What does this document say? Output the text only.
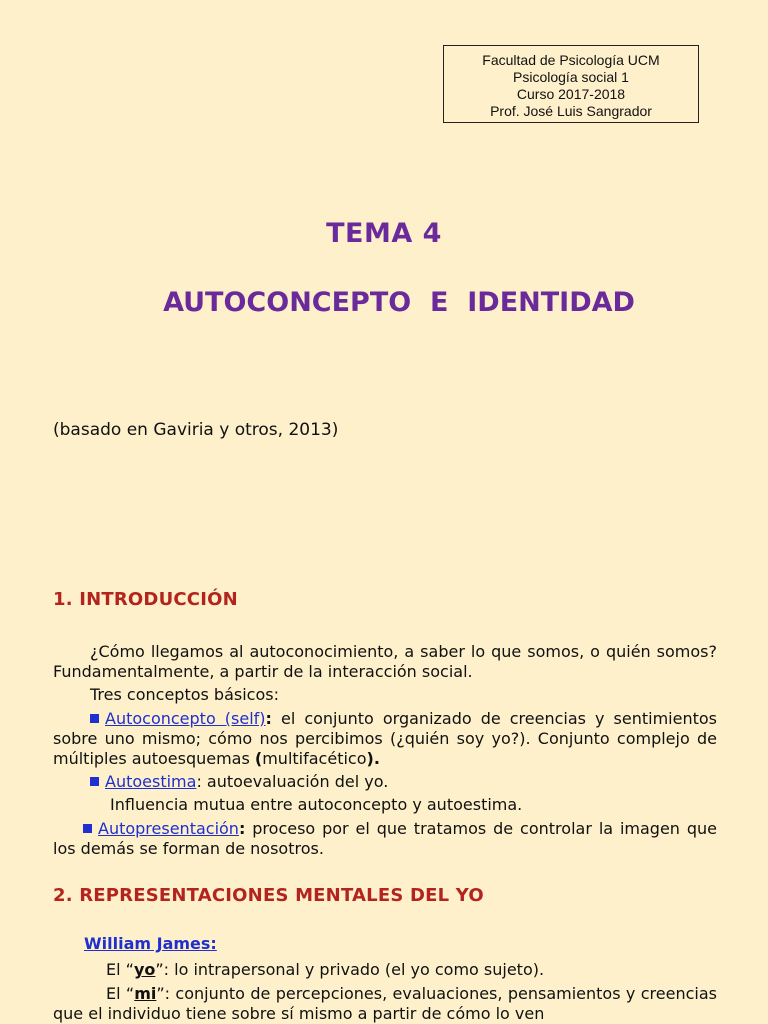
Facultad de Psicología UCM
Psicología social 1
Curso 2017-2018
Prof. José Luis Sangrador
TEMA 4
AUTOCONCEPTO  E  IDENTIDAD
(basado en Gaviria y otros, 2013)
1. INTRODUCCIÓN
¿Cómo llegamos al autoconocimiento, a saber lo que somos, o quién somos? Fundamentalmente, a partir de la interacción social.
Tres conceptos básicos:
Autoconcepto (self): el conjunto organizado de creencias y sentimientos sobre uno mismo; cómo nos percibimos (¿quién soy yo?). Conjunto complejo de múltiples autoesquemas (multifacético).
Autoestima: autoevaluación del yo.
Influencia mutua entre autoconcepto y autoestima.
Autopresentación: proceso por el que tratamos de controlar la imagen que los demás se forman de nosotros.
2. REPRESENTACIONES MENTALES DEL YO
William James:
El “yo”: lo intrapersonal y privado (el yo como sujeto).
El “mi”: conjunto de percepciones, evaluaciones, pensamientos y creencias que el individuo tiene sobre sí mismo a partir de cómo lo ven
